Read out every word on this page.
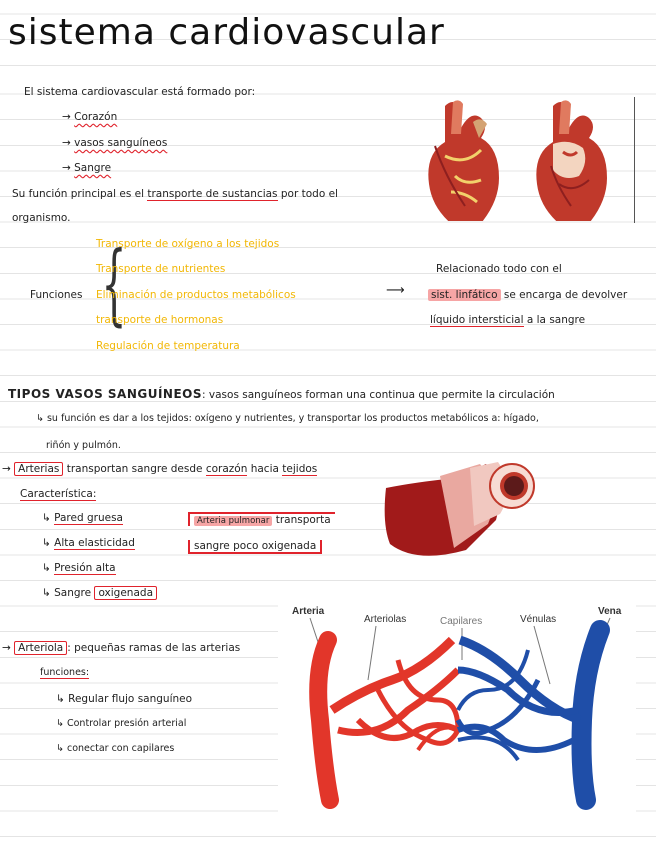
sistema cardiovascular
El sistema cardiovascular está formado por:
→ Corazón
→ vasos sanguíneos
→ Sangre
Su función principal es el transporte de sustancias por todo el
organismo.
Funciones {
Transporte de oxígeno a los tejidos
Transporte de nutrientes
Eliminación de productos metabólicos
transporte de hormonas
Regulación de temperatura
⟶
Relacionado todo con el
sist. linfático se encarga de devolver
líquido intersticial a la sangre
TIPOS VASOS SANGUÍNEOS: vasos sanguíneos forman una continua que permite la circulación
↳ su función es dar a los tejidos: oxígeno y nutrientes, y transportar los productos metabólicos a: hígado,
riñón y pulmón.
→ Arterias transportan sangre desde corazón hacia tejidos
Característica:
↳ Pared gruesa
↳ Alta elasticidad
↳ Presión alta
↳ Sangre oxigenada
Arteria pulmonar transporta
sangre poco oxigenada
→ Arteriola : pequeñas ramas de las arterias
funciones:
↳ Regular flujo sanguíneo
↳ Controlar presión arterial
↳ conectar con capilares
Arteria
Arteriolas	Capilares	Vénulas
Vena
